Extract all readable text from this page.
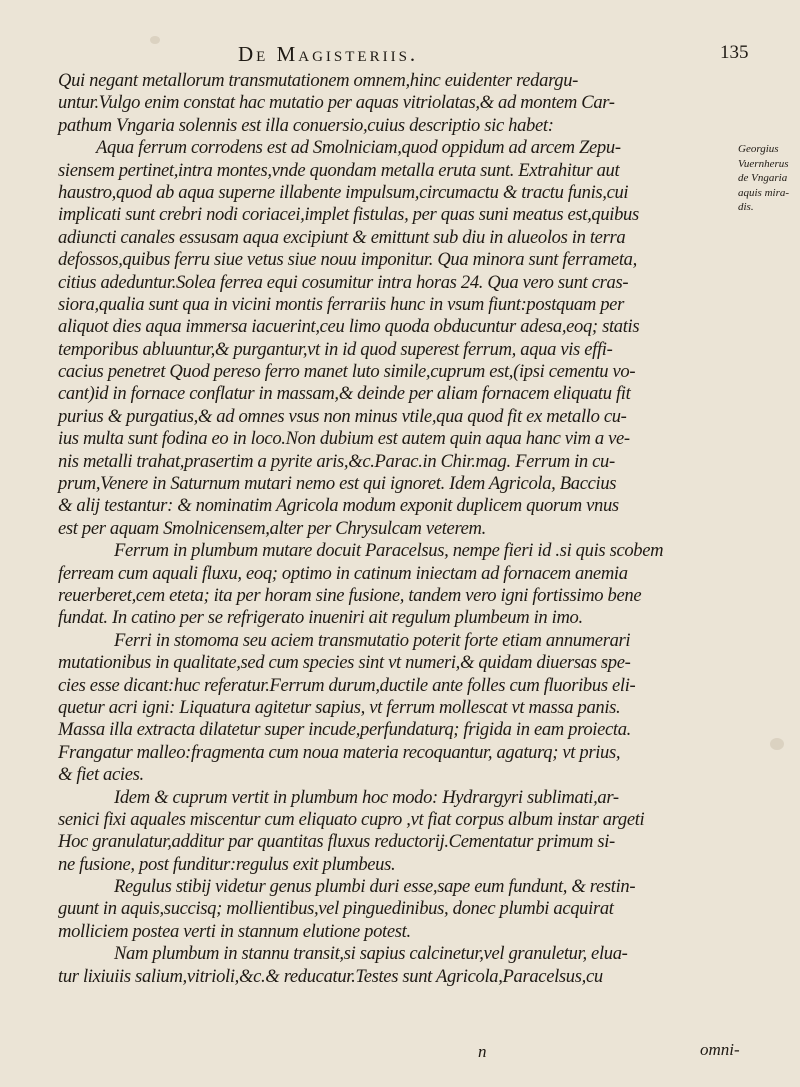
De Magisteriis.	135
Georgius
Vuernherus
de Vngaria
aquis mira-
dis.
Qui negant metallorum transmutationem omnem,hinc euidenter redargu-
untur.Vulgo enim constat hac mutatio per aquas vitriolatas,& ad montem Car-
pathum Vngaria solennis est illa conuersio,cuius descriptio sic habet:
Aqua ferrum corrodens est ad Smolniciam,quod oppidum ad arcem Zepu-
siensem pertinet,intra montes,vnde quondam metalla eruta sunt. Extrahitur aut
haustro,quod ab aqua superne illabente impulsum,circumactu & tractu funis,cui
implicati sunt crebri nodi coriacei,implet fistulas, per quas suni meatus est,quibus
adiuncti canales essusam aqua excipiunt & emittunt sub diu in alueolos in terra
defossos,quibus ferru siue vetus siue nouu imponitur. Qua minora sunt ferrameta,
citius adeduntur.Solea ferrea equi cosumitur intra horas 24. Qua vero sunt cras-
siora,qualia sunt qua in vicini montis ferrariis hunc in vsum fiunt:postquam per
aliquot dies aqua immersa iacuerint,ceu limo quoda obducuntur adesa,eoq; statis
temporibus abluuntur,& purgantur,vt in id quod superest ferrum, aqua vis effi-
cacius penetret Quod pereso ferro manet luto simile,cuprum est,(ipsi cementu vo-
cant)id in fornace conflatur in massam,& deinde per aliam fornacem eliquatu fit
purius & purgatius,& ad omnes vsus non minus vtile,qua quod fit ex metallo cu-
ius multa sunt fodina eo in loco.Non dubium est autem quin aqua hanc vim a ve-
nis metalli trahat,prasertim a pyrite aris,&c.Parac.in Chir.mag. Ferrum in cu-
prum,Venere in Saturnum mutari nemo est qui ignoret. Idem Agricola, Baccius
& alij testantur: & nominatim Agricola modum exponit duplicem quorum vnus
est per aquam Smolnicensem,alter per Chrysulcam veterem.
Ferrum in plumbum mutare docuit Paracelsus, nempe fieri id .si quis scobem
ferream cum aquali fluxu, eoq; optimo in catinum iniectam ad fornacem anemia
reuerberet,cem eteta; ita per horam sine fusione, tandem vero igni fortissimo bene
fundat. In catino per se refrigerato inueniri ait regulum plumbeum in imo.
Ferri in stomoma seu aciem transmutatio poterit forte etiam annumerari
mutationibus in qualitate,sed cum species sint vt numeri,& quidam diuersas spe-
cies esse dicant:huc referatur.Ferrum durum,ductile ante folles cum fluoribus eli-
quetur acri igni: Liquatura agitetur sapius, vt ferrum mollescat vt massa panis.
Massa illa extracta dilatetur super incude,perfundaturq; frigida in eam proiecta.
Frangatur malleo:fragmenta cum noua materia recoquantur, agaturq; vt prius,
& fiet acies.
Idem & cuprum vertit in plumbum hoc modo: Hydrargyri sublimati,ar-
senici fixi aquales miscentur cum eliquato cupro ,vt fiat corpus album instar argeti
Hoc granulatur,additur par quantitas fluxus reductorij.Cementatur primum si-
ne fusione, post funditur:regulus exit plumbeus.
Regulus stibij videtur genus plumbi duri esse,sape eum fundunt, & restin-
guunt in aquis,succisq; mollientibus,vel pinguedinibus, donec plumbi acquirat
molliciem postea verti in stannum elutione potest.
Nam plumbum in stannu transit,si sapius calcinetur,vel granuletur, elua-
tur lixiuiis salium,vitrioli,&c.& reducatur.Testes sunt Agricola,Paracelsus,cu
n	omni-
